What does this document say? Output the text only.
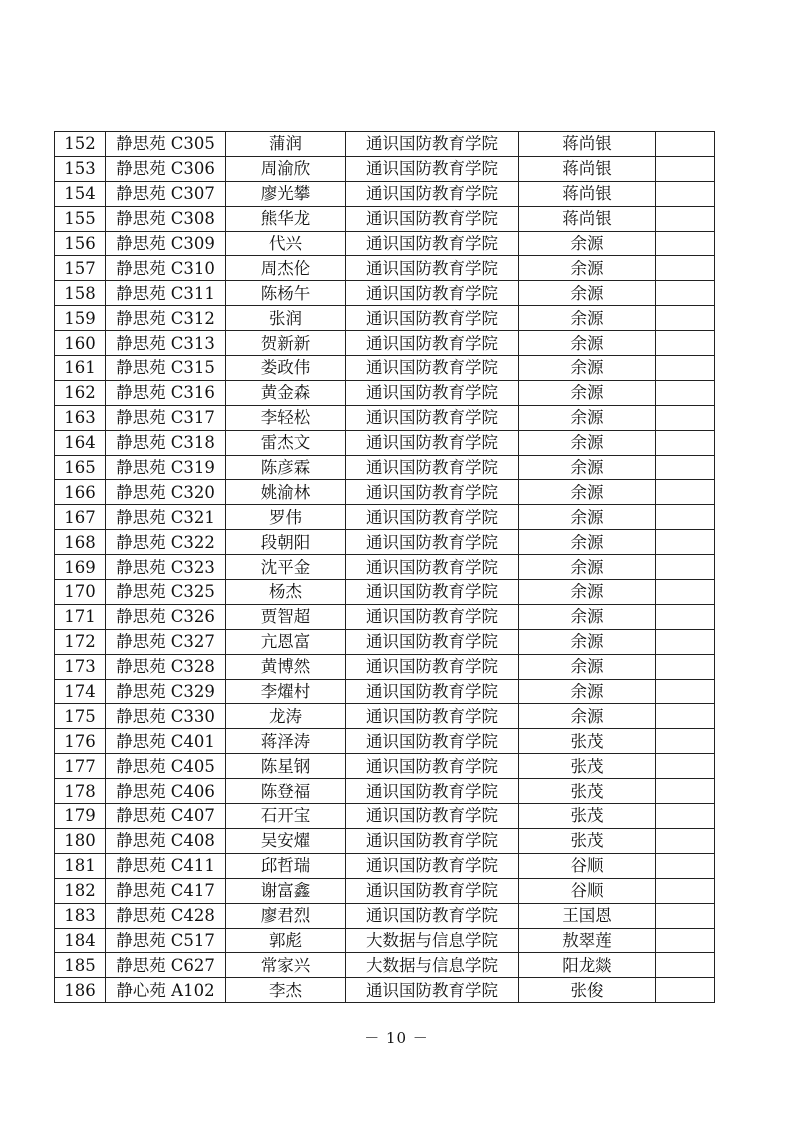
152	静思苑 C305	蒲润	通识国防教育学院	蒋尚银	
153	静思苑 C306	周渝欣	通识国防教育学院	蒋尚银	
154	静思苑 C307	廖光攀	通识国防教育学院	蒋尚银	
155	静思苑 C308	熊华龙	通识国防教育学院	蒋尚银	
156	静思苑 C309	代兴	通识国防教育学院	余源	
157	静思苑 C310	周杰伦	通识国防教育学院	余源	
158	静思苑 C311	陈杨午	通识国防教育学院	余源	
159	静思苑 C312	张润	通识国防教育学院	余源	
160	静思苑 C313	贺新新	通识国防教育学院	余源	
161	静思苑 C315	娄政伟	通识国防教育学院	余源	
162	静思苑 C316	黄金森	通识国防教育学院	余源	
163	静思苑 C317	李轻松	通识国防教育学院	余源	
164	静思苑 C318	雷杰文	通识国防教育学院	余源	
165	静思苑 C319	陈彦霖	通识国防教育学院	余源	
166	静思苑 C320	姚渝林	通识国防教育学院	余源	
167	静思苑 C321	罗伟	通识国防教育学院	余源	
168	静思苑 C322	段朝阳	通识国防教育学院	余源	
169	静思苑 C323	沈平金	通识国防教育学院	余源	
170	静思苑 C325	杨杰	通识国防教育学院	余源	
171	静思苑 C326	贾智超	通识国防教育学院	余源	
172	静思苑 C327	亢恩富	通识国防教育学院	余源	
173	静思苑 C328	黄博然	通识国防教育学院	余源	
174	静思苑 C329	李燿村	通识国防教育学院	余源	
175	静思苑 C330	龙涛	通识国防教育学院	余源	
176	静思苑 C401	蒋泽涛	通识国防教育学院	张茂	
177	静思苑 C405	陈星钢	通识国防教育学院	张茂	
178	静思苑 C406	陈登福	通识国防教育学院	张茂	
179	静思苑 C407	石开宝	通识国防教育学院	张茂	
180	静思苑 C408	吴安燿	通识国防教育学院	张茂	
181	静思苑 C411	邱哲瑞	通识国防教育学院	谷顺	
182	静思苑 C417	谢富鑫	通识国防教育学院	谷顺	
183	静思苑 C428	廖君烈	通识国防教育学院	王国恩	
184	静思苑 C517	郭彪	大数据与信息学院	敖翠莲	
185	静思苑 C627	常家兴	大数据与信息学院	阳龙燚	
186	静心苑 A102	李杰	通识国防教育学院	张俊	
－ 10 －
